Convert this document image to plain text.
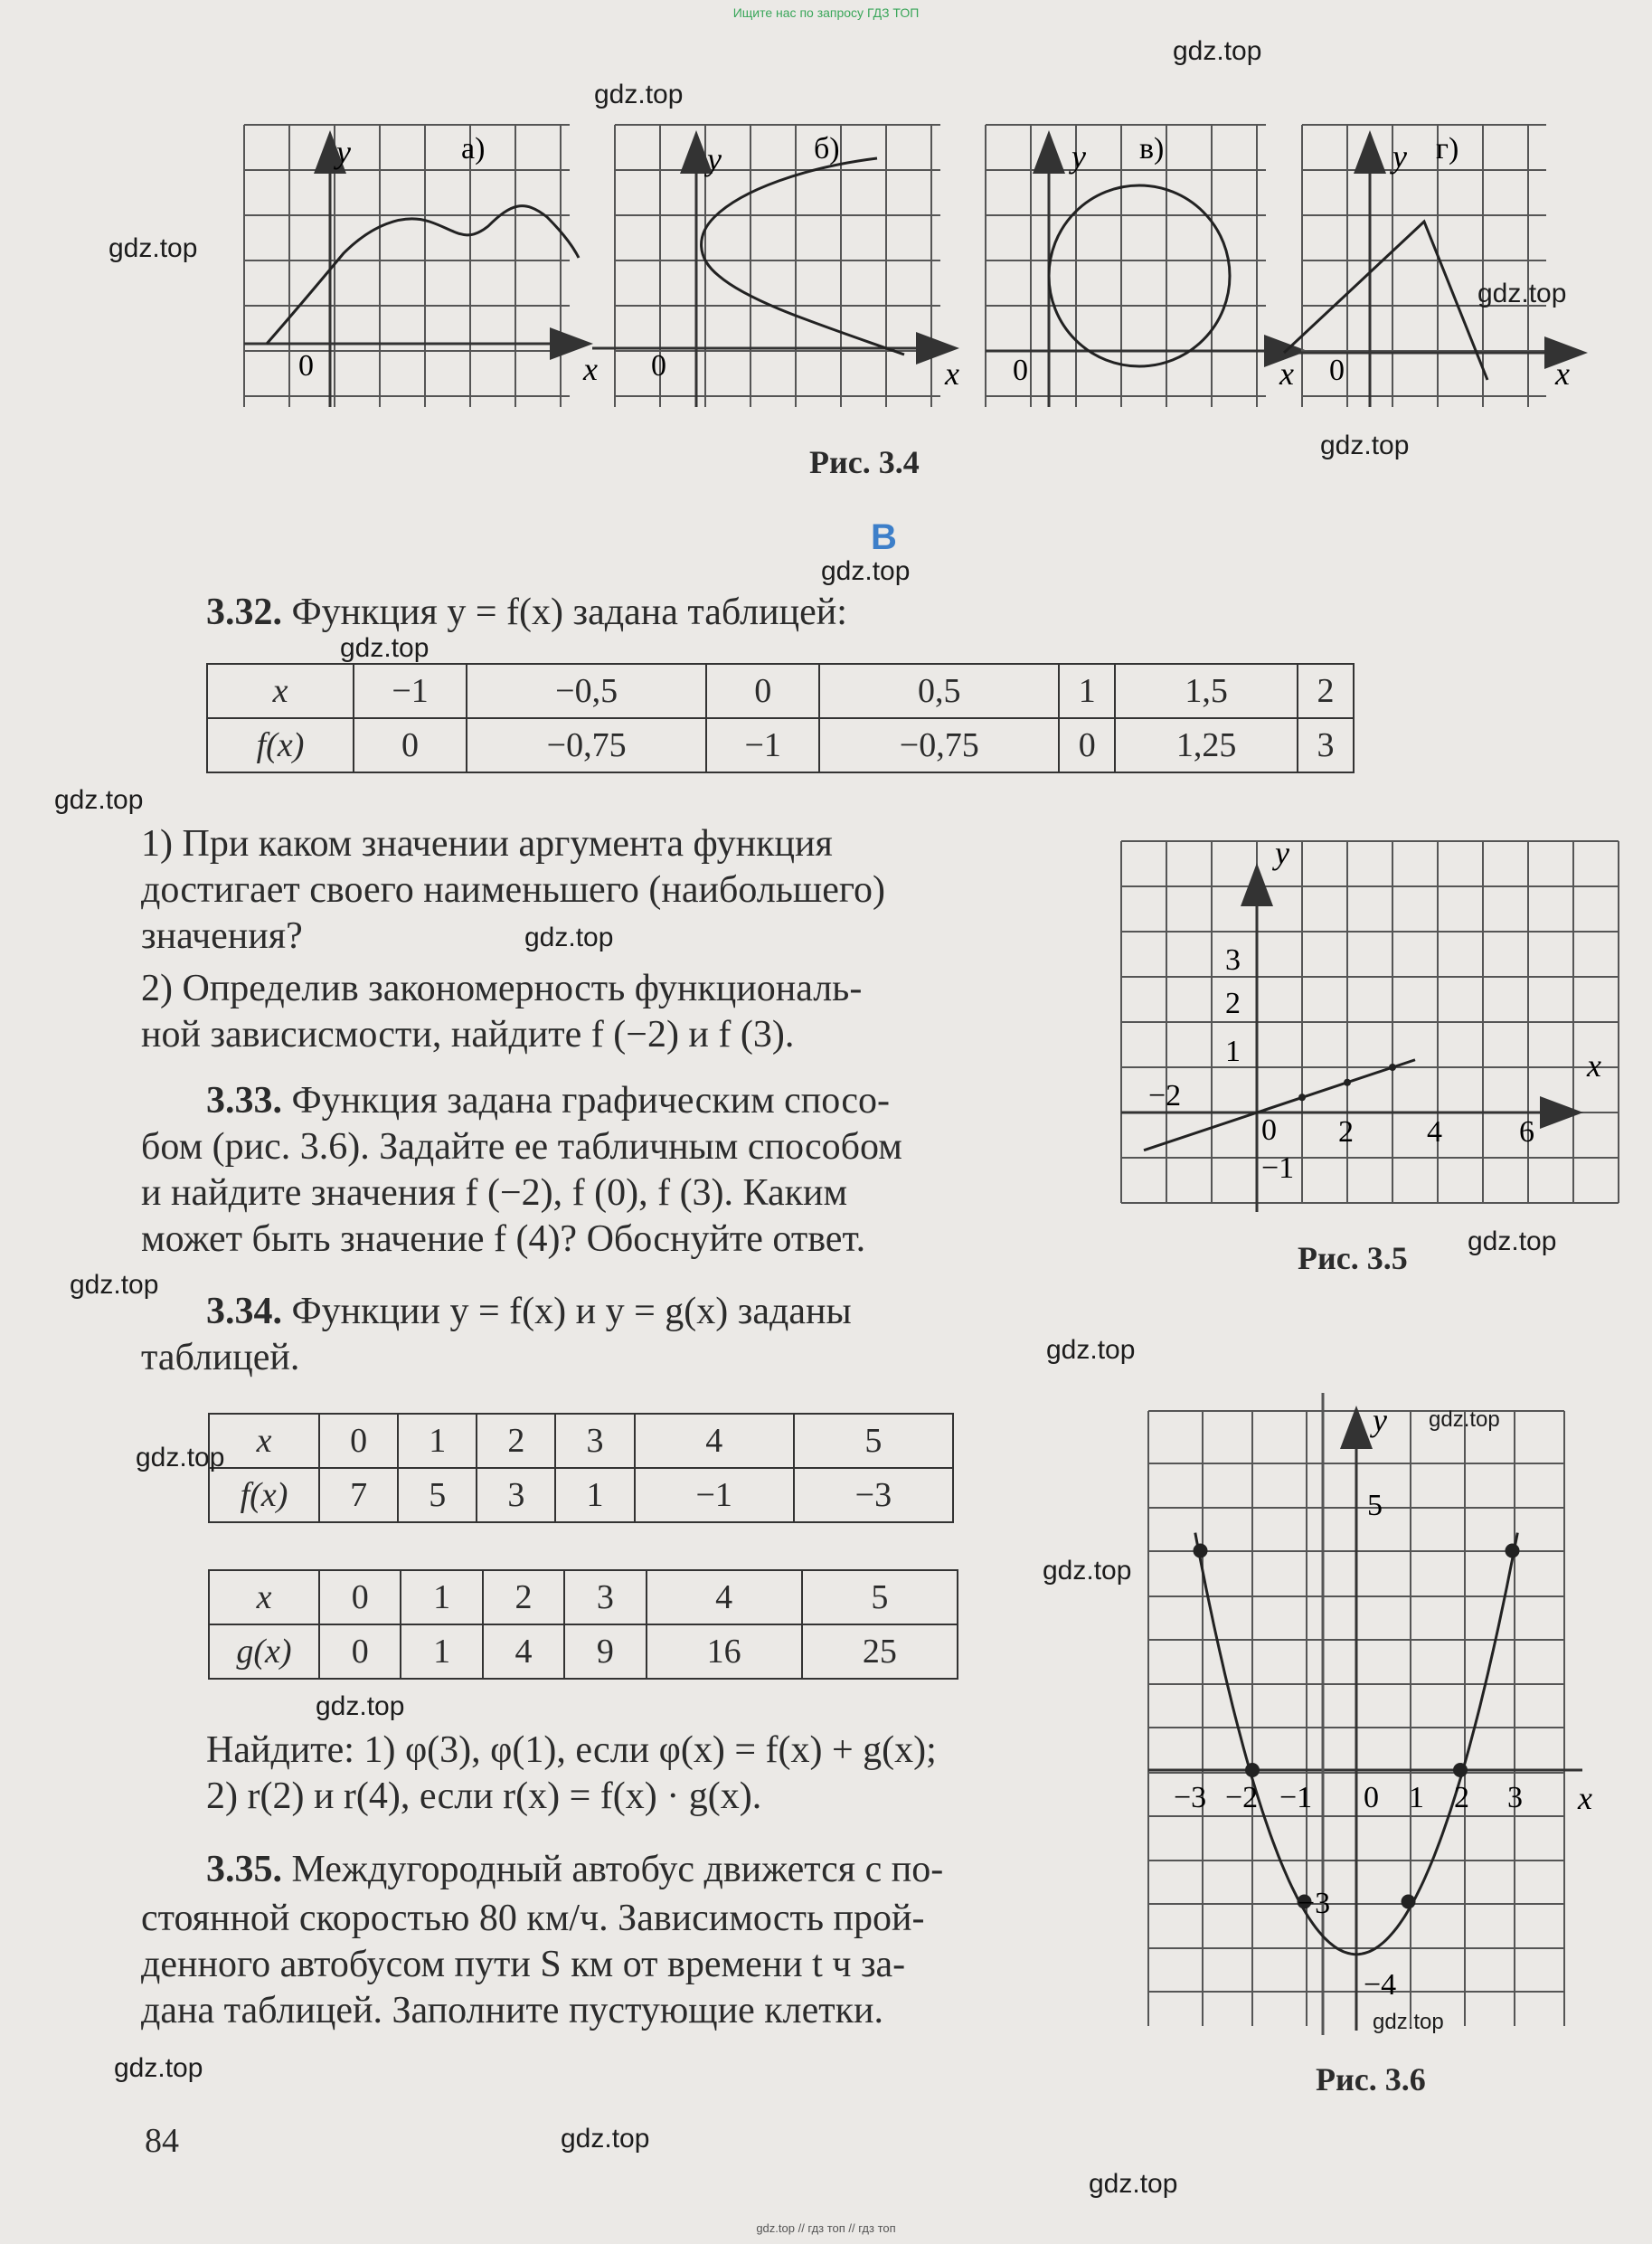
Ищите нас по запросу ГДЗ ТОП
y	а)
0	x
y	б)
0	x
y в)
0	x
y г)
0	x
Рис. 3.4
В
3.32. Функция y = f(x) задана таблицей:
x	−1	−0,5	0	0,5	1	1,5	2
f(x)	0	−0,75	−1	−0,75	0	1,25	3
1) При каком значении аргумента функция
достигает своего наименьшего (наибольшего)
значения?
2) Определив закономерность функциональ-
ной зависисмости, найдите f (−2) и f (3).
3.33. Функция задана графическим спосо-
бом (рис. 3.6). Задайте ее табличным способом
и найдите значения f (−2), f (0), f (3). Каким
может быть значение f (4)? Обоснуйте ответ.
y
x
0
−2
2 4	6
3
2
1
−1
Рис. 3.5
3.34. Функции y = f(x) и y = g(x) заданы
таблицей.
x	0	1	2	3	4	5
f(x)	7	5	3	1	−1	−3
x	0	1	2	3	4	5
g(x)	0	1	4	9	16	25
Найдите: 1) φ(3), φ(1), если φ(x) = f(x) + g(x);
2) r(2) и r(4), если r(x) = f(x) · g(x).
3.35. Междугородный автобус движется с по-
стоянной скоростью 80 км/ч. Зависимость прой-
денного автобусом пути S км от времени t ч за-
дана таблицей. Заполните пустующие клетки.
y
x
0
−3 −2 −1	1 2 3
5
−3
−4
Рис. 3.6
84
gdz.top
gdz.top
gdz.top
gdz.top
gdz.top
gdz.top
gdz.top
gdz.top
gdz.top
gdz.top
gdz.top
gdz.top
gdz.top
gdz.top
gdz.top
gdz.top
gdz.top
gdz.top
gdz.top
gdz.top
gdz.top // гдз топ // гдз топ
